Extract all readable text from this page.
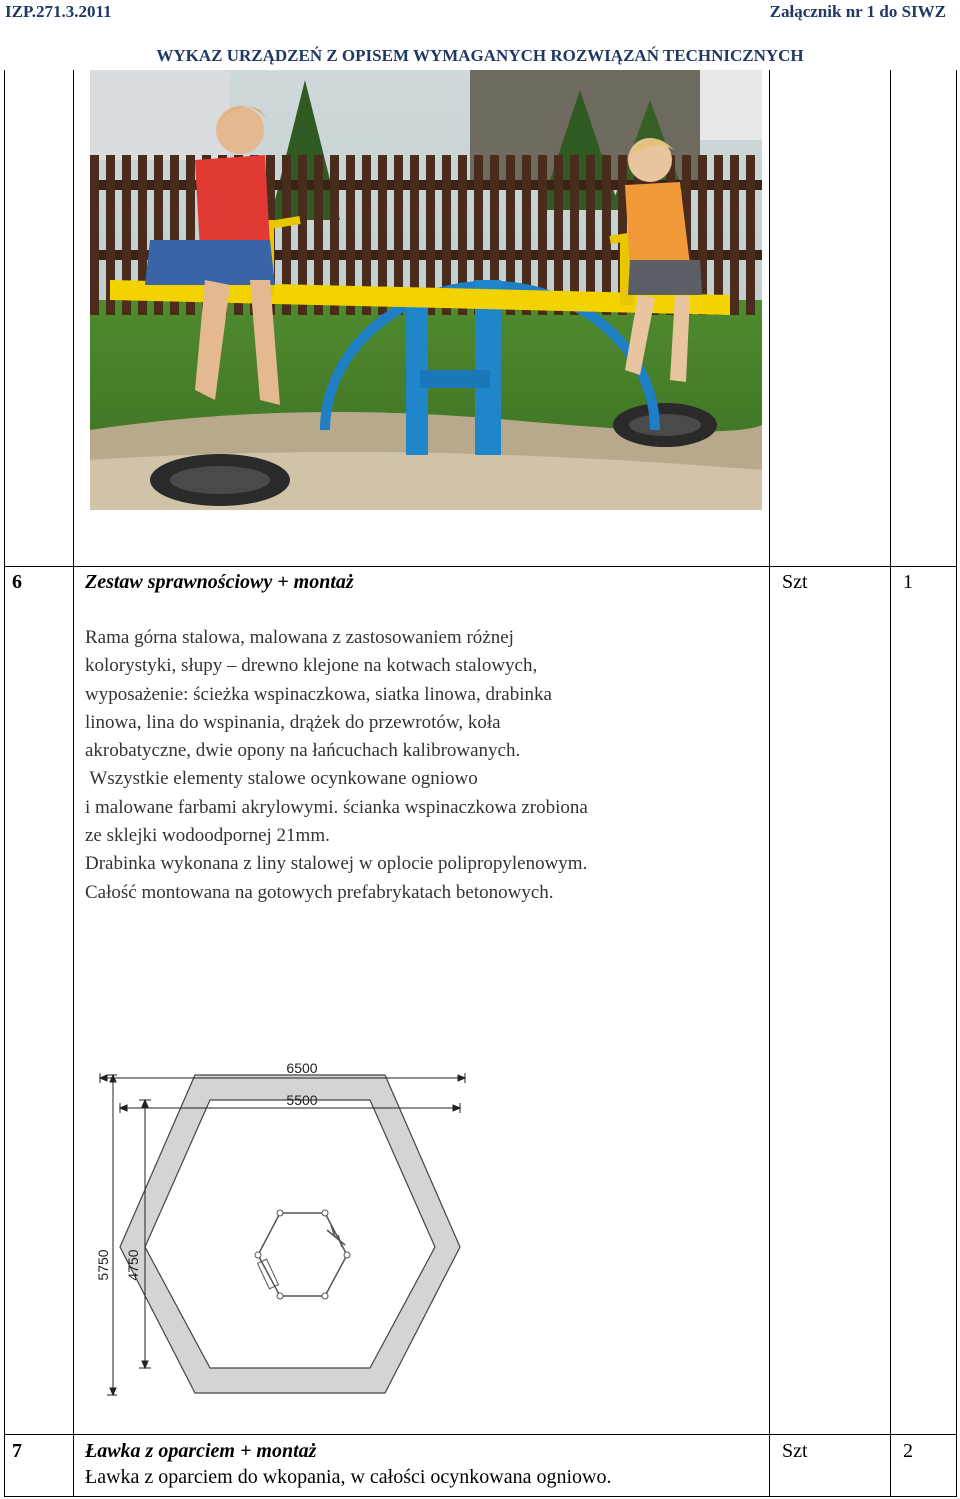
IZP.271.3.2011	Załącznik nr 1 do SIWZ
WYKAZ URZĄDZEŃ Z OPISEM WYMAGANYCH ROZWIĄZAŃ TECHNICZNYCH
6	Zestaw sprawnościowy + montaż	Szt	1

Rama górna stalowa, malowana z zastosowaniem różnej

kolorystyki, słupy – drewno klejone na kotwach stalowych,

wyposażenie: ścieżka wspinaczkowa, siatka linowa, drabinka

linowa, lina do wspinania, drążek do przewrotów, koła

akrobatyczne, dwie opony na łańcuchach kalibrowanych.

Wszystkie elementy stalowe ocynkowane ogniowo

i malowane farbami akrylowymi. ścianka wspinaczkowa zrobiona

ze sklejki wodoodpornej 21mm.

Drabinka wykonana z liny stalowej w oplocie polipropylenowym.

Całość montowana na gotowych prefabrykatach betonowych.

6500
5500
5750 4750
7	Ławka z oparciem + montaż	Szt	2
Ławka z oparciem do wkopania, w całości ocynkowana ogniowo.
